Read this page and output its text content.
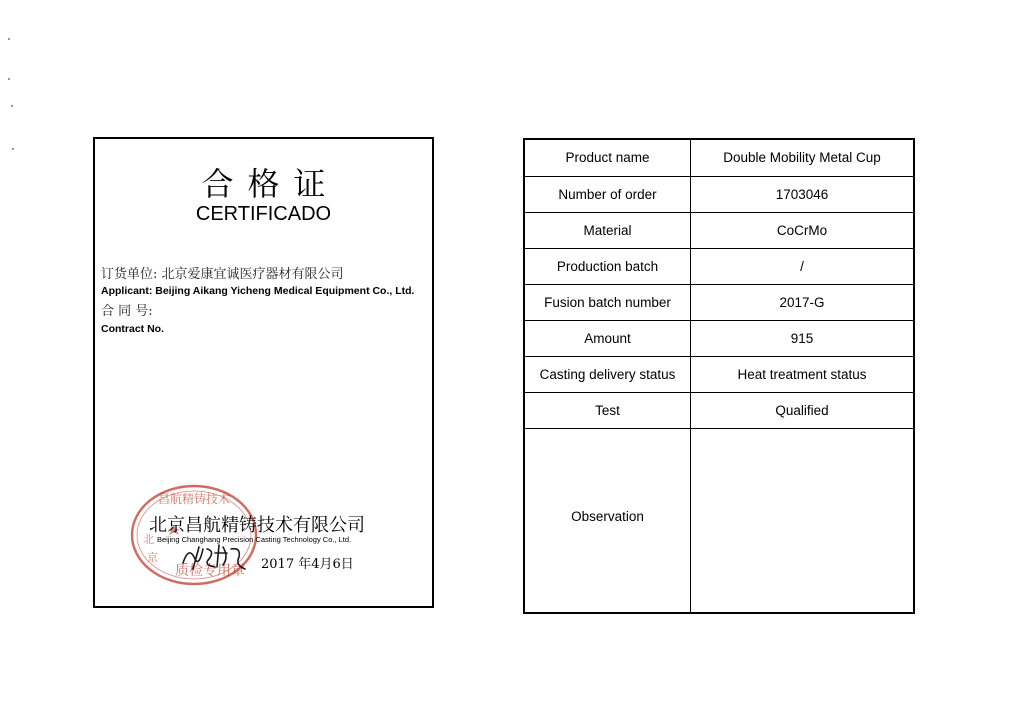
合格证
CERTIFICADO
订货单位: 北京爱康宜诚医疗器材有限公司
Applicant: Beijing Aikang Yicheng Medical Equipment Co., Ltd.
合 同 号:
Contract No.
昌航精铸技术
北
京
质检专用章
北京昌航精铸技术有限公司
Beijing Changhang Precision Casting Technology Co., Ltd.
2017 年4月6日
Product name	Double Mobility Metal Cup
Number of order	1703046
Material	CoCrMo
Production batch	/
Fusion batch number	2017-G
Amount	915
Casting delivery status	Heat treatment status
Test	Qualified
Observation	
